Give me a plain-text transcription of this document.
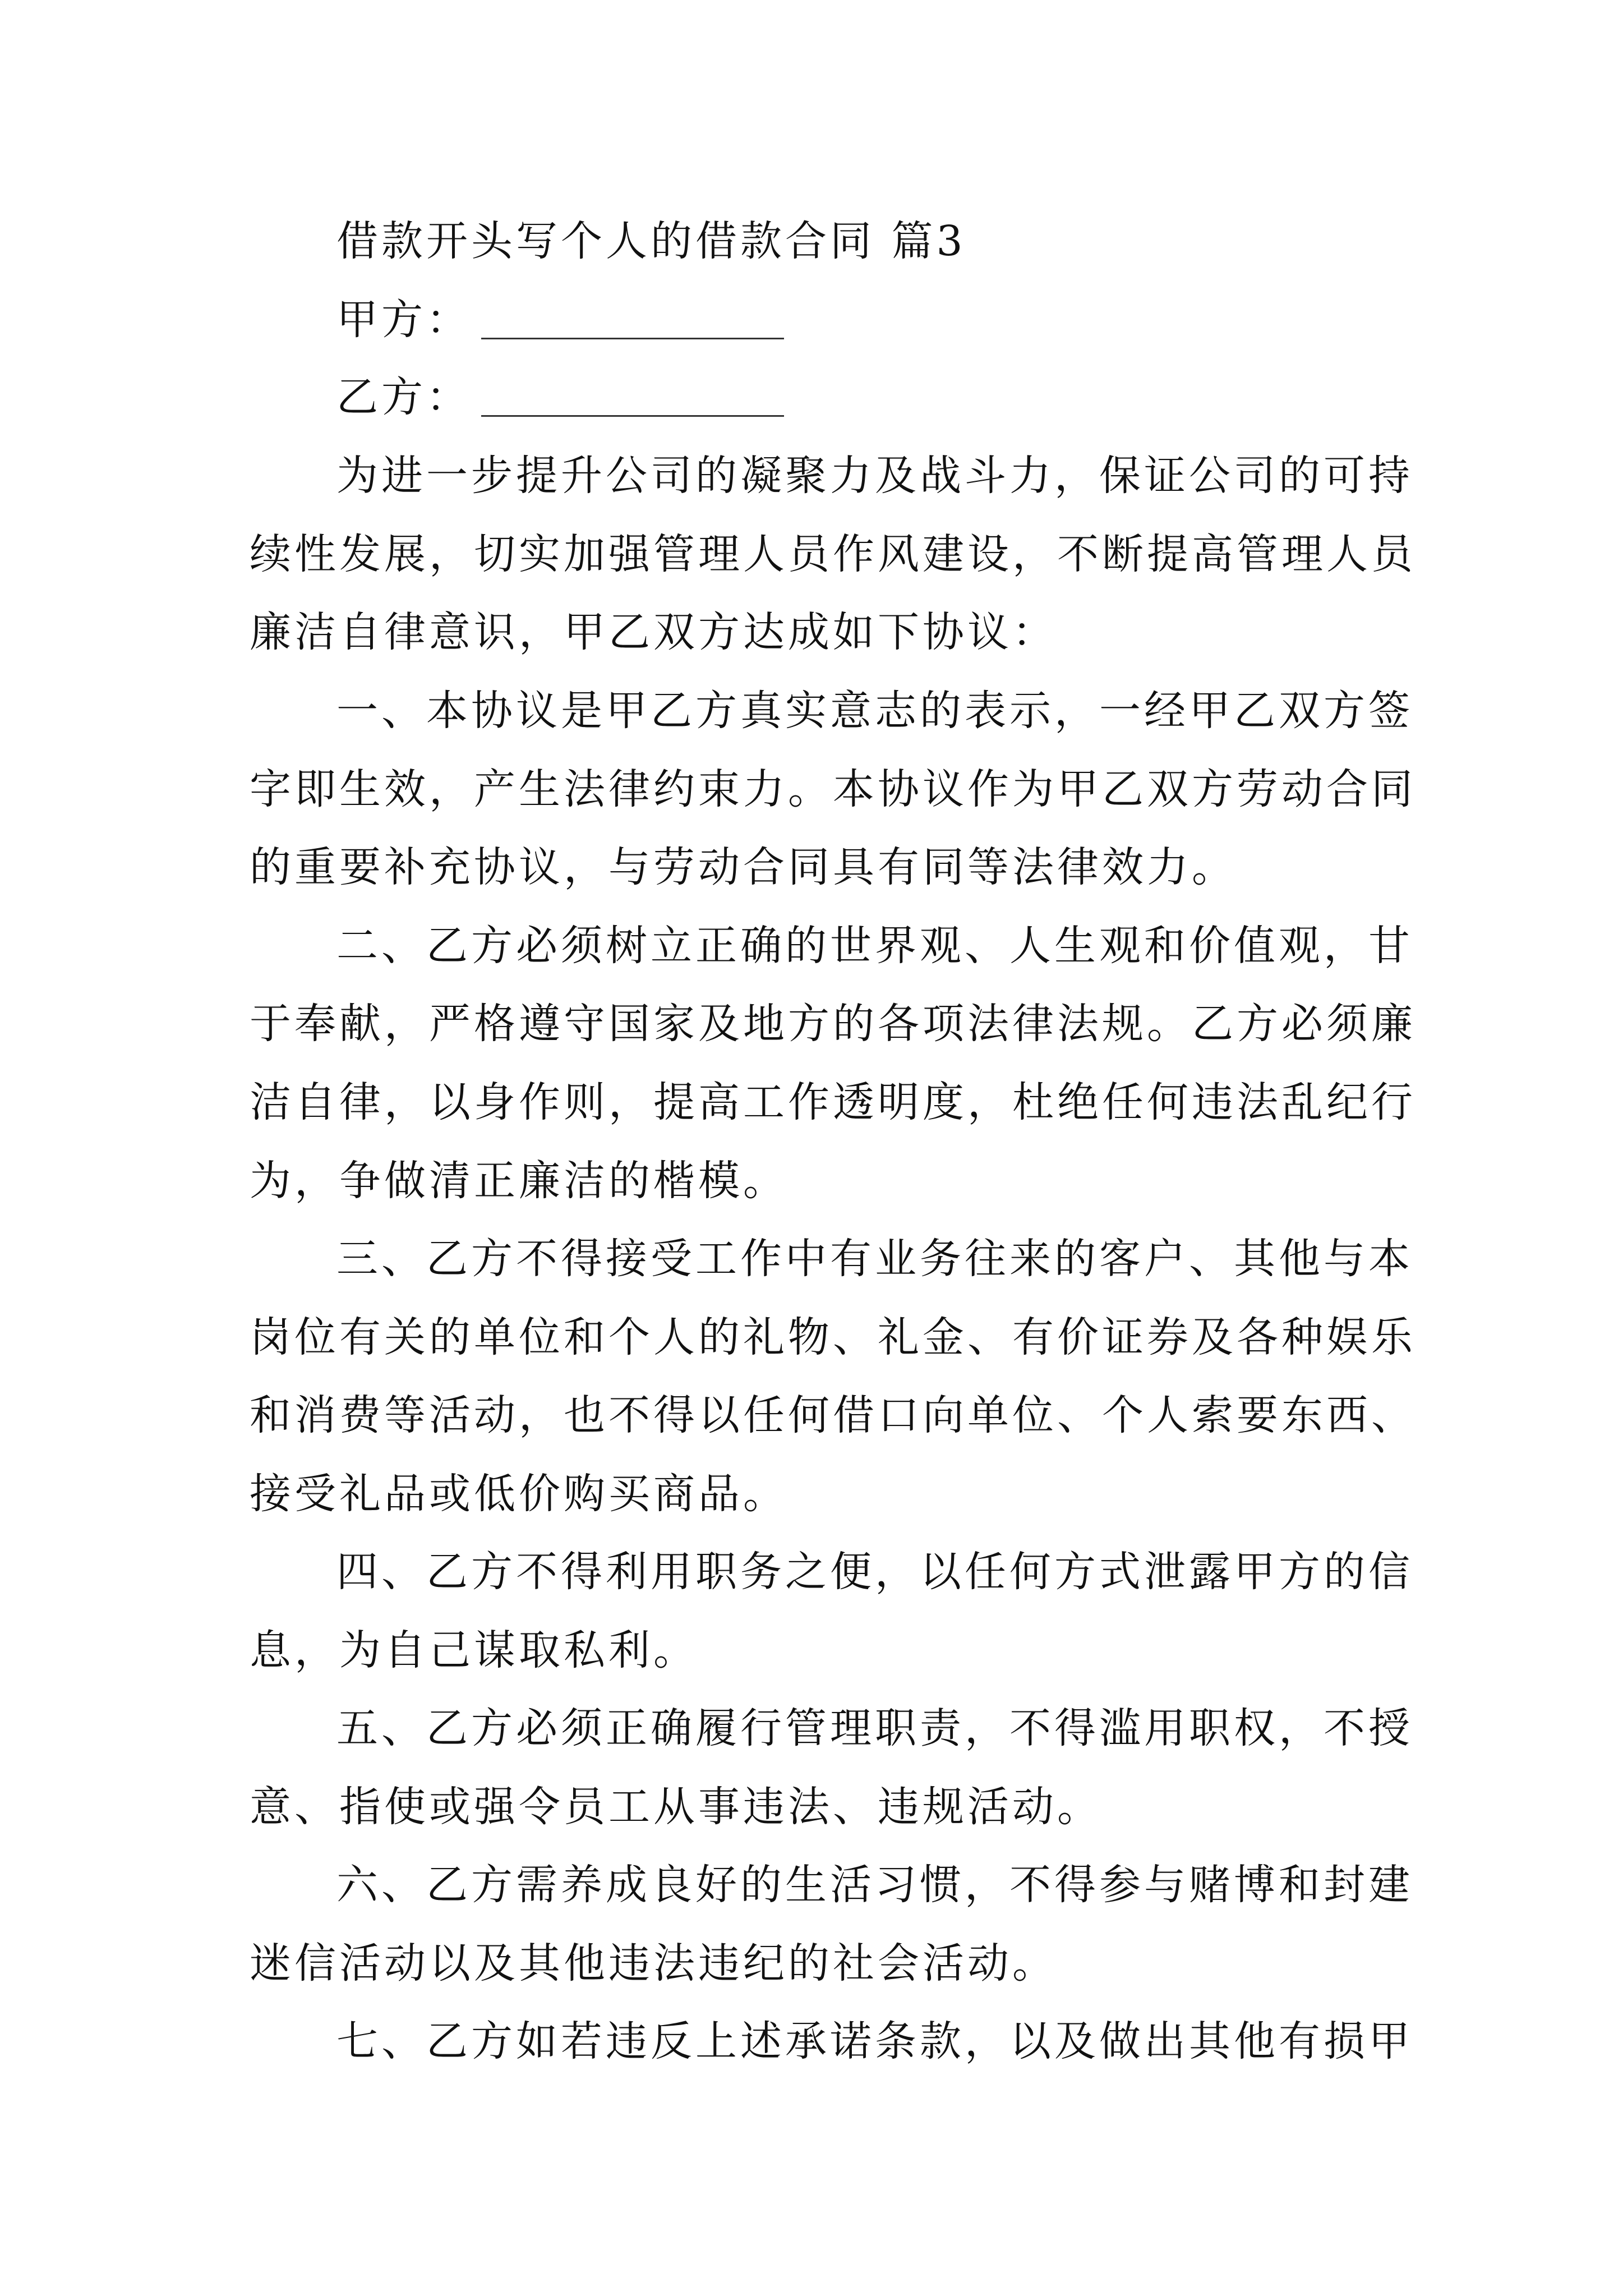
借款开头写个人的借款合同 篇3
甲方：
乙方：
为进一步提升公司的凝聚力及战斗力，保证公司的可持
续性发展，切实加强管理人员作风建设，不断提高管理人员
廉洁自律意识，甲乙双方达成如下协议：
一、本协议是甲乙方真实意志的表示，一经甲乙双方签
字即生效，产生法律约束力。本协议作为甲乙双方劳动合同
的重要补充协议，与劳动合同具有同等法律效力。
二、乙方必须树立正确的世界观、人生观和价值观，甘
于奉献，严格遵守国家及地方的各项法律法规。乙方必须廉
洁自律，以身作则，提高工作透明度，杜绝任何违法乱纪行
为，争做清正廉洁的楷模。
三、乙方不得接受工作中有业务往来的客户、其他与本
岗位有关的单位和个人的礼物、礼金、有价证券及各种娱乐
和消费等活动，也不得以任何借口向单位、个人索要东西、
接受礼品或低价购买商品。
四、乙方不得利用职务之便，以任何方式泄露甲方的信
息，为自己谋取私利。
五、乙方必须正确履行管理职责，不得滥用职权，不授
意、指使或强令员工从事违法、违规活动。
六、乙方需养成良好的生活习惯，不得参与赌博和封建
迷信活动以及其他违法违纪的社会活动。
七、乙方如若违反上述承诺条款，以及做出其他有损甲
